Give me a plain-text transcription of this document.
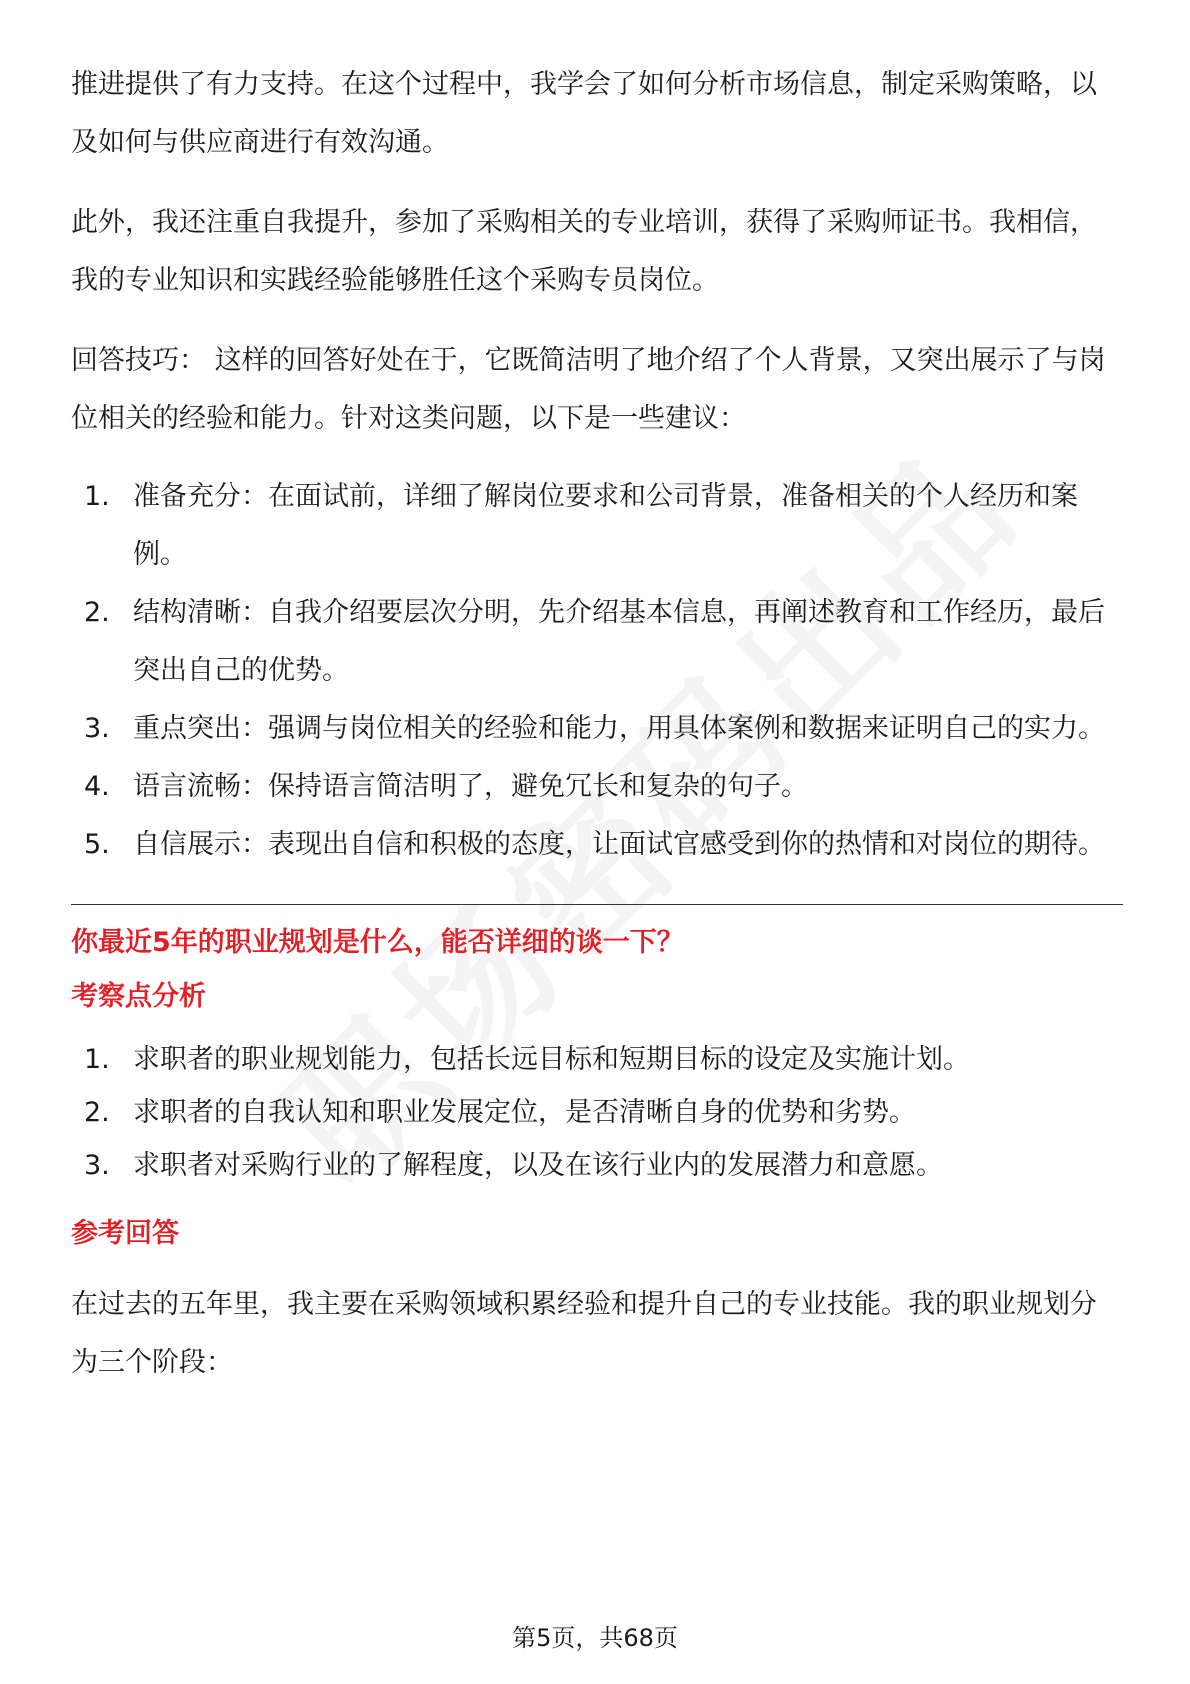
推进提供了有力支持。在这个过程中，我学会了如何分析市场信息，制定采购策略，以及如何与供应商进行有效沟通。

此外，我还注重自我提升，参加了采购相关的专业培训，获得了采购师证书。我相信，我的专业知识和实践经验能够胜任这个采购专员岗位。

回答技巧： 这样的回答好处在于，它既简洁明了地介绍了个人背景，又突出展示了与岗位相关的经验和能力。针对这类问题，以下是一些建议：

1. 准备充分：在面试前，详细了解岗位要求和公司背景，准备相关的个人经历和案例。
2. 结构清晰：自我介绍要层次分明，先介绍基本信息，再阐述教育和工作经历，最后突出自己的优势。
3. 重点突出：强调与岗位相关的经验和能力，用具体案例和数据来证明自己的实力。
4. 语言流畅：保持语言简洁明了，避免冗长和复杂的句子。
5. 自信展示：表现出自信和积极的态度，让面试官感受到你的热情和对岗位的期待。
你最近5年的职业规划是什么，能否详细的谈一下？
考察点分析
1. 求职者的职业规划能力，包括长远目标和短期目标的设定及实施计划。
2. 求职者的自我认知和职业发展定位，是否清晰自身的优势和劣势。
3. 求职者对采购行业的了解程度，以及在该行业内的发展潜力和意愿。
参考回答

在过去的五年里，我主要在采购领域积累经验和提升自己的专业技能。我的职业规划分为三个阶段：

第5页，共68页
